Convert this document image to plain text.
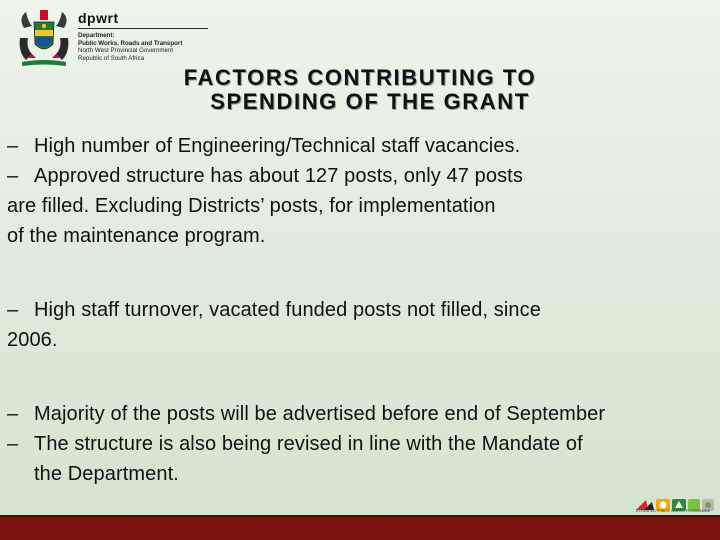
dpwrt
Department:
Public Works, Roads and Transport
North West Provincial Government
Republic of South Africa
FACTORS CONTRIBUTING TO
SPENDING OF THE GRANT

– High number of Engineering/Technical staff vacancies.

– Approved structure has about 127 posts, only 47 posts

are filled. Excluding Districts’ posts, for implementation

of the maintenance program.

– High staff turnover, vacated funded posts not filled, since

2006.

– Majority of the posts will be advertised before end of September

– The structure is also being revised in line with the Mandate of

the Department.

EXPANDED PUBLIC WORKS PROGRAMME
